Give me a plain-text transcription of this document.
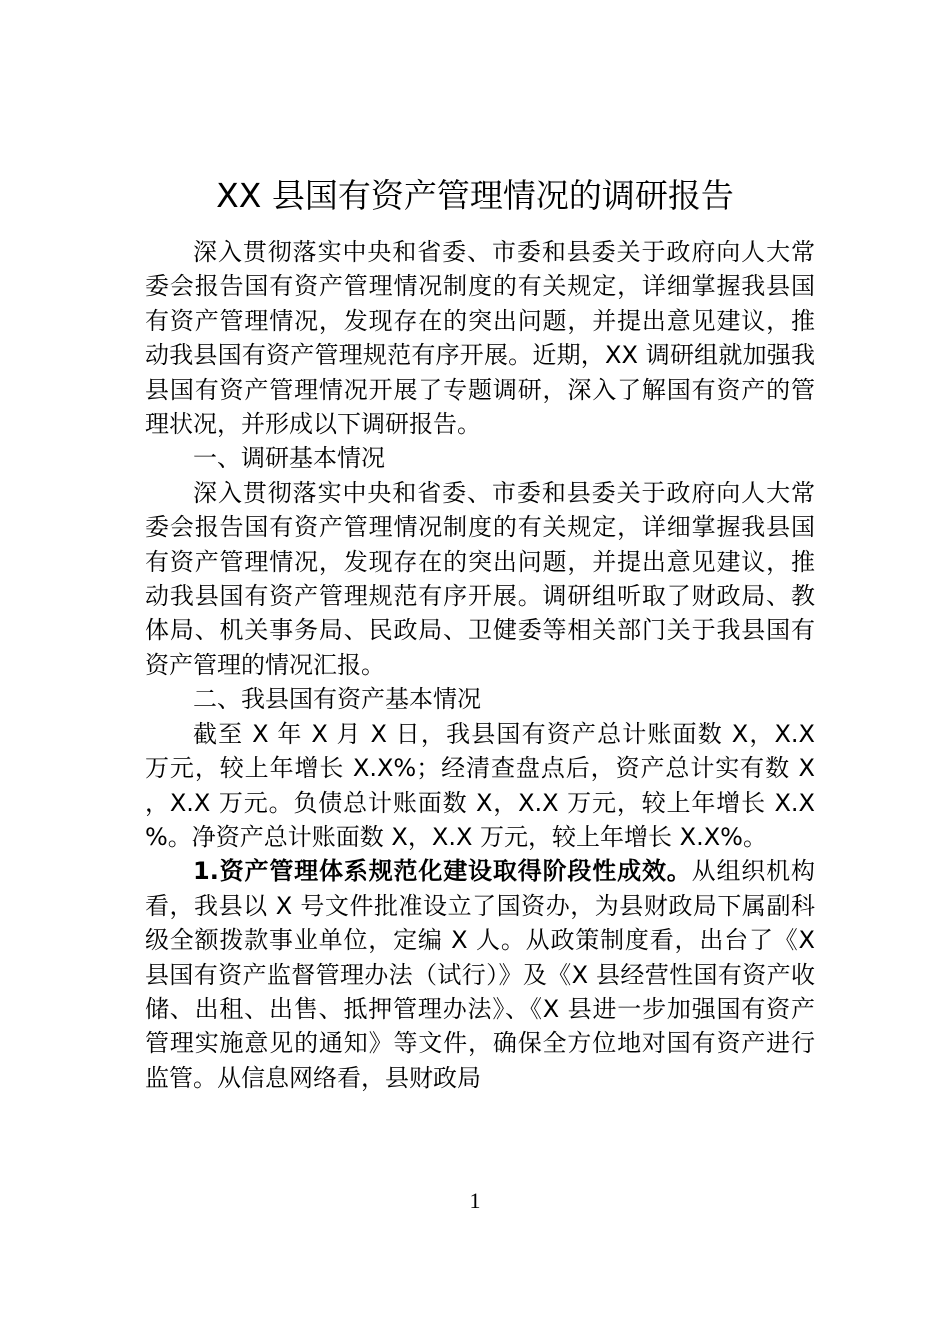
XX 县国有资产管理情况的调研报告

深入贯彻落实中央和省委、市委和县委关于政府向人大常委会报告国有资产管理情况制度的有关规定，详细掌握我县国有资产管理情况，发现存在的突出问题，并提出意见建议，推动我县国有资产管理规范有序开展。近期，XX 调研组就加强我县国有资产管理情况开展了专题调研，深入了解国有资产的管理状况，并形成以下调研报告。

一、调研基本情况

深入贯彻落实中央和省委、市委和县委关于政府向人大常委会报告国有资产管理情况制度的有关规定，详细掌握我县国有资产管理情况，发现存在的突出问题，并提出意见建议，推动我县国有资产管理规范有序开展。调研组听取了财政局、教体局、机关事务局、民政局、卫健委等相关部门关于我县国有资产管理的情况汇报。

二、我县国有资产基本情况

截至 X 年 X 月 X 日，我县国有资产总计账面数 X，X.X 万元，较上年增长 X.X%；经清查盘点后，资产总计实有数 X，X.X 万元。负债总计账面数 X，X.X 万元，较上年增长 X.X%。净资产总计账面数 X，X.X 万元，较上年增长 X.X%。

1.资产管理体系规范化建设取得阶段性成效。从组织机构看，我县以 X 号文件批准设立了国资办，为县财政局下属副科级全额拨款事业单位，定编 X 人。从政策制度看，出台了《X 县国有资产监督管理办法（试行）》及《X 县经营性国有资产收储、出租、出售、抵押管理办法》、《X 县进一步加强国有资产管理实施意见的通知》等文件，确保全方位地对国有资产进行监管。从信息网络看，县财政局

1
